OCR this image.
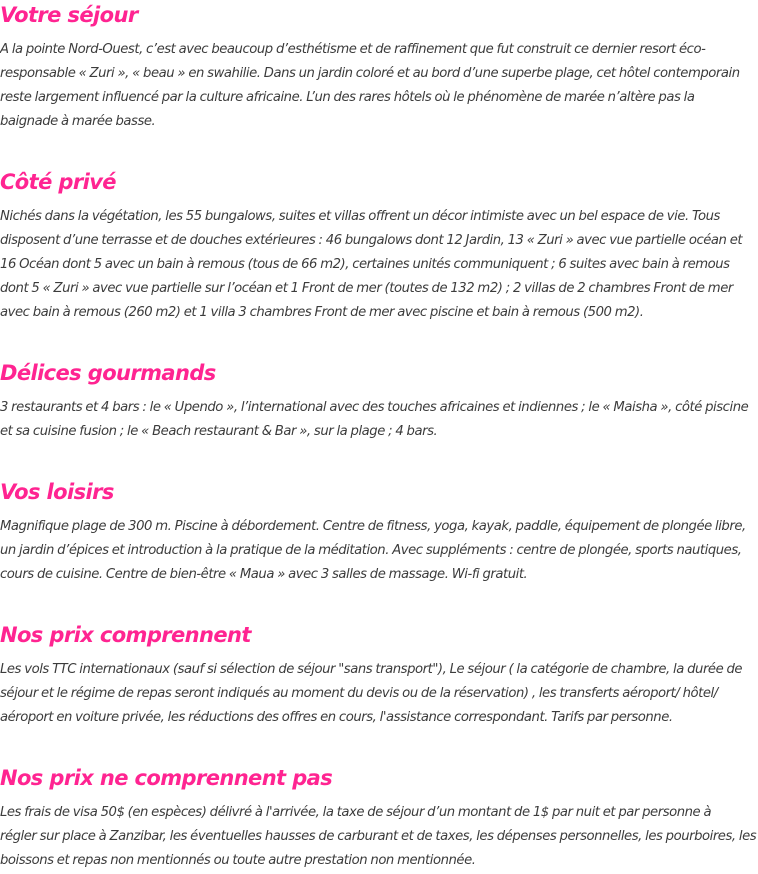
Votre séjour

A la pointe Nord-Ouest, c’est avec beaucoup d’esthétisme et de raffinement que fut construit ce dernier resort éco-
responsable « Zuri », « beau » en swahilie. Dans un jardin coloré et au bord d’une superbe plage, cet hôtel contemporain
reste largement influencé par la culture africaine. L’un des rares hôtels où le phénomène de marée n’altère pas la
baignade à marée basse.

Côté privé

Nichés dans la végétation, les 55 bungalows, suites et villas offrent un décor intimiste avec un bel espace de vie. Tous
disposent d’une terrasse et de douches extérieures : 46 bungalows dont 12 Jardin, 13 « Zuri » avec vue partielle océan et
16 Océan dont 5 avec un bain à remous (tous de 66 m2), certaines unités communiquent ; 6 suites avec bain à remous
dont 5 « Zuri » avec vue partielle sur l’océan et 1 Front de mer (toutes de 132 m2) ; 2 villas de 2 chambres Front de mer
avec bain à remous (260 m2) et 1 villa 3 chambres Front de mer avec piscine et bain à remous (500 m2).

Délices gourmands

3 restaurants et 4 bars : le « Upendo », l’international avec des touches africaines et indiennes ; le « Maisha », côté piscine
et sa cuisine fusion ; le « Beach restaurant & Bar », sur la plage ; 4 bars.

Vos loisirs

Magnifique plage de 300 m. Piscine à débordement. Centre de fitness, yoga, kayak, paddle, équipement de plongée libre,
un jardin d’épices et introduction à la pratique de la méditation. Avec suppléments : centre de plongée, sports nautiques,
cours de cuisine. Centre de bien-être « Maua » avec 3 salles de massage. Wi-fi gratuit.

Nos prix comprennent

Les vols TTC internationaux (sauf si sélection de séjour "sans transport"), Le séjour ( la catégorie de chambre, la durée de
séjour et le régime de repas seront indiqués au moment du devis ou de la réservation) , les transferts aéroport/ hôtel/
aéroport en voiture privée, les réductions des offres en cours, l'assistance correspondant. Tarifs par personne.

Nos prix ne comprennent pas

Les frais de visa 50$ (en espèces) délivré à l'arrivée, la taxe de séjour d’un montant de 1$ par nuit et par personne à
régler sur place à Zanzibar, les éventuelles hausses de carburant et de taxes, les dépenses personnelles, les pourboires, les
boissons et repas non mentionnés ou toute autre prestation non mentionnée.
